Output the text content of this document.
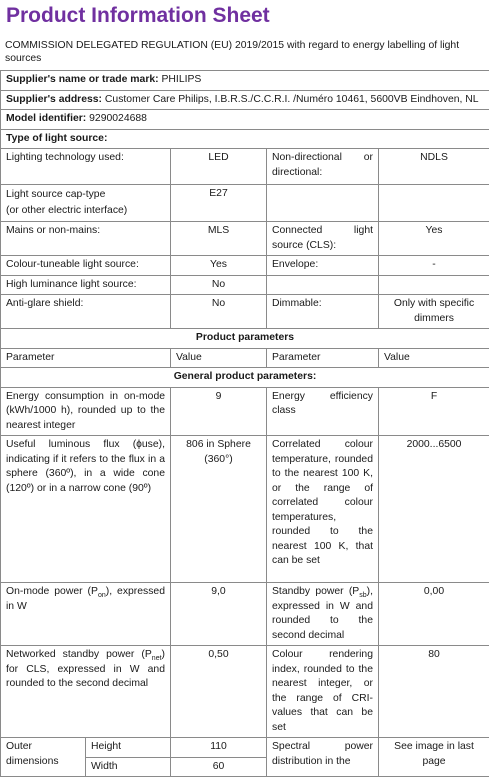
Product Information Sheet
COMMISSION DELEGATED REGULATION (EU) 2019/2015 with regard to energy labelling of light sources
Supplier's name or trade mark: PHILIPS				
Supplier's address: Customer Care Philips, I.B.R.S./C.C.R.I. /Numéro 10461, 5600VB Eindhoven, NL				
Model identifier: 9290024688				
Type of light source:				
Lighting technology used:		LED	Non-directional or directional:	NDLS
Light source cap-type
(or other electric interface)		E27		
Mains or non-mains:		MLS	Connected light source (CLS):	Yes
Colour-tuneable light source:		Yes	Envelope:	-
High luminance light source:		No		
Anti-glare shield:		No	Dimmable:	Only with specific dimmers
Product parameters				
Parameter		Value	Parameter	Value
General product parameters:				
Energy consumption in on-mode (kWh/1000 h), rounded up to the nearest integer		9	Energy efficiency class	F
Useful luminous flux (ɸuse), indicating if it refers to the flux in a sphere (360º), in a wide cone (120º) or in a narrow cone (90º)		806 in Sphere (360°)	Correlated colour temperature, rounded to the nearest 100 K, or the range of correlated colour temperatures, rounded to the nearest 100 K, that can be set	2000...6500
On-mode power $(P_{on})$, expressed in W		9,0	Standby power $(P_{sb})$, expressed in W and rounded to the second decimal	0,00
Networked standby power $(P_{net})$ for CLS, expressed in W and rounded to the second decimal		0,50	Colour rendering index, rounded to the nearest integer, or the range of CRI-values that can be set	80
Outer dimensions	Height	110	Spectral power distribution in the	See image in last page
	Width	60		
